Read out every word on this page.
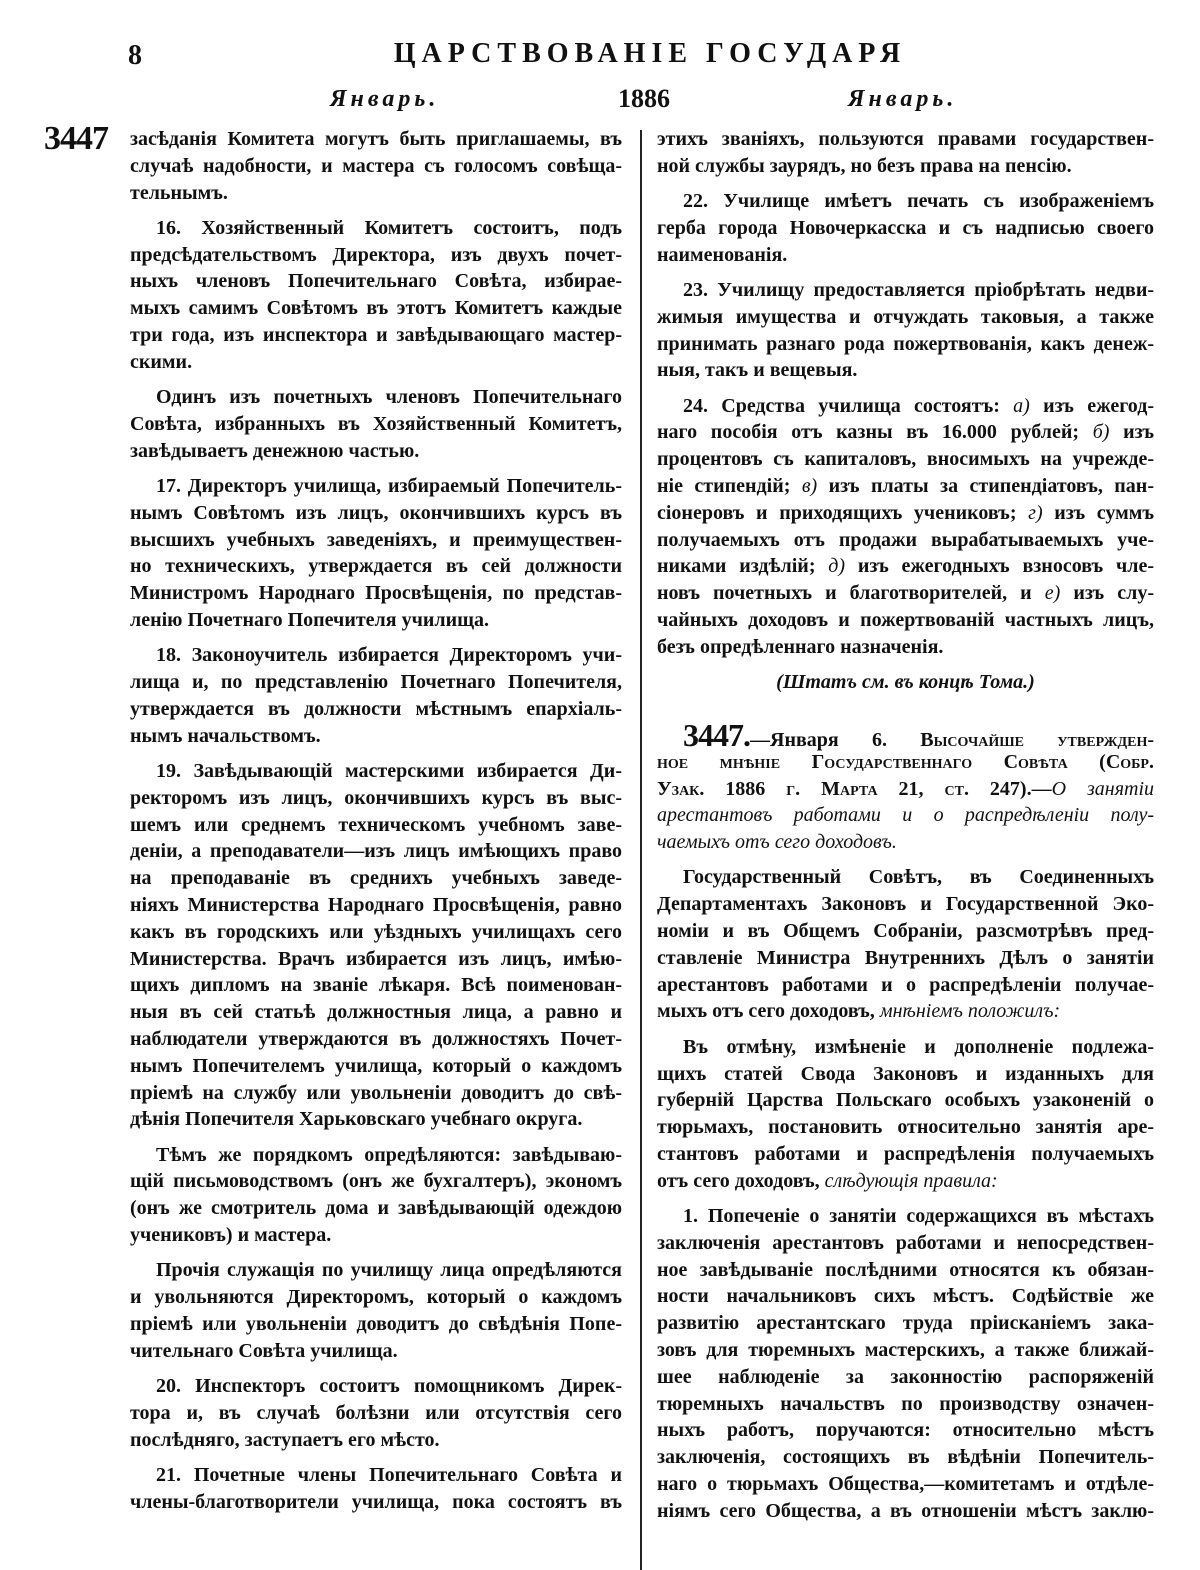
8	ЦАРСТВОВАНІЕ ГОСУДАРЯ
Январь.	1886	Январь.
3447 засѣданія Комитета могутъ быть приглашаемы, въ
случаѣ надобности, и мастера съ голосомъ совѣща-
тельнымъ.
16. Хозяйственный Комитетъ состоитъ, подъ
предсѣдательствомъ Директора, изъ двухъ почет-
ныхъ членовъ Попечительнаго Совѣта, избирае-
мыхъ самимъ Совѣтомъ въ этотъ Комитетъ каждые
три года, изъ инспектора и завѣдывающаго мастер-
скими.
Одинъ изъ почетныхъ членовъ Попечительнаго
Совѣта, избранныхъ въ Хозяйственный Комитетъ,
завѣдываетъ денежною частью.
17. Директоръ училища, избираемый Попечитель-
нымъ Совѣтомъ изъ лицъ, окончившихъ курсъ въ
высшихъ учебныхъ заведеніяхъ, и преимуществен-
но техническихъ, утверждается въ сей должности
Министромъ Народнаго Просвѣщенія, по представ-
ленію Почетнаго Попечителя училища.
18. Законоучитель избирается Директоромъ учи-
лища и, по представленію Почетнаго Попечителя,
утверждается въ должности мѣстнымъ епархіаль-
нымъ начальствомъ.
19. Завѣдывающій мастерскими избирается Ди-
ректоромъ изъ лицъ, окончившихъ курсъ въ выс-
шемъ или среднемъ техническомъ учебномъ заве-
деніи, а преподаватели—изъ лицъ имѣющихъ право
на преподаваніе въ среднихъ учебныхъ заведе-
ніяхъ Министерства Народнаго Просвѣщенія, равно
какъ въ городскихъ или уѣздныхъ училищахъ сего
Министерства. Врачъ избирается изъ лицъ, имѣю-
щихъ дипломъ на званіе лѣкаря. Всѣ поименован-
ныя въ сей статьѣ должностныя лица, а равно и
наблюдатели утверждаются въ должностяхъ Почет-
нымъ Попечителемъ училища, который о каждомъ
пріемѣ на службу или увольненіи доводитъ до свѣ-
дѣнія Попечителя Харьковскаго учебнаго округа.
Тѣмъ же порядкомъ опредѣляются: завѣдываю-
щій письмоводствомъ (онъ же бухгалтеръ), экономъ
(онъ же смотритель дома и завѣдывающій одеждою
учениковъ) и мастера.
Прочія служащія по училищу лица опредѣляются
и увольняются Директоромъ, который о каждомъ
пріемѣ или увольненіи доводитъ до свѣдѣнія Попе-
чительнаго Совѣта училища.
20. Инспекторъ состоитъ помощникомъ Дирек-
тора и, въ случаѣ болѣзни или отсутствія сего
послѣдняго, заступаетъ его мѣсто.
21. Почетные члены Попечительнаго Совѣта и
члены-благотворители училища, пока состоятъ въ
этихъ званіяхъ, пользуются правами государствен-
ной службы заурядъ, но безъ права на пенсію.
22. Училище имѣетъ печать съ изображеніемъ
герба города Новочеркасска и съ надписью своего
наименованія.
23. Училищу предоставляется пріобрѣтать недви-
жимыя имущества и отчуждать таковыя, а также
принимать разнаго рода пожертвованія, какъ денеж-
ныя, такъ и вещевыя.
24. Средства училища состоятъ: а) изъ ежегод-
наго пособія отъ казны въ 16.000 рублей; б) изъ
процентовъ съ капиталовъ, вносимыхъ на учрежде-
ніе стипендій; в) изъ платы за стипендіатовъ, пан-
сіонеровъ и приходящихъ учениковъ; г) изъ суммъ
получаемыхъ отъ продажи вырабатываемыхъ уче-
никами издѣлій; д) изъ ежегодныхъ взносовъ чле-
новъ почетныхъ и благотворителей, и е) изъ слу-
чайныхъ доходовъ и пожертвованій частныхъ лицъ,
безъ опредѣленнаго назначенія.
(Штатъ см. въ концѣ Тома.)
3447.—Января 6. Высочайше утвержден-
ное мнѣніе Государственнаго Совѣта (Собр.
Узак. 1886 г. Марта 21, ст. 247).—О занятіи
арестантовъ работами и о распредѣленіи полу-
чаемыхъ отъ сего доходовъ.
Государственный Совѣтъ, въ Соединенныхъ
Департаментахъ Законовъ и Государственной Эко-
номіи и въ Общемъ Собраніи, разсмотрѣвъ пред-
ставленіе Министра Внутреннихъ Дѣлъ о занятіи
арестантовъ работами и о распредѣленіи получае-
мыхъ отъ сего доходовъ, мнѣніемъ положилъ:
Въ отмѣну, измѣненіе и дополненіе подлежа-
щихъ статей Свода Законовъ и изданныхъ для
губерній Царства Польскаго особыхъ узаконеній о
тюрьмахъ, постановить относительно занятія аре-
стантовъ работами и распредѣленія получаемыхъ
отъ сего доходовъ, слѣдующія правила:
1. Попеченіе о занятіи содержащихся въ мѣстахъ
заключенія арестантовъ работами и непосредствен-
ное завѣдываніе послѣдними относятся къ обязан-
ности начальниковъ сихъ мѣстъ. Содѣйствіе же
развитію арестантскаго труда пріисканіемъ зака-
зовъ для тюремныхъ мастерскихъ, а также ближай-
шее наблюденіе за законностію распоряженій
тюремныхъ начальствъ по производству означен-
ныхъ работъ, поручаются: относительно мѣстъ
заключенія, состоящихъ въ вѣдѣніи Попечитель-
наго о тюрьмахъ Общества,—комитетамъ и отдѣле-
ніямъ сего Общества, а въ отношеніи мѣстъ заклю-
